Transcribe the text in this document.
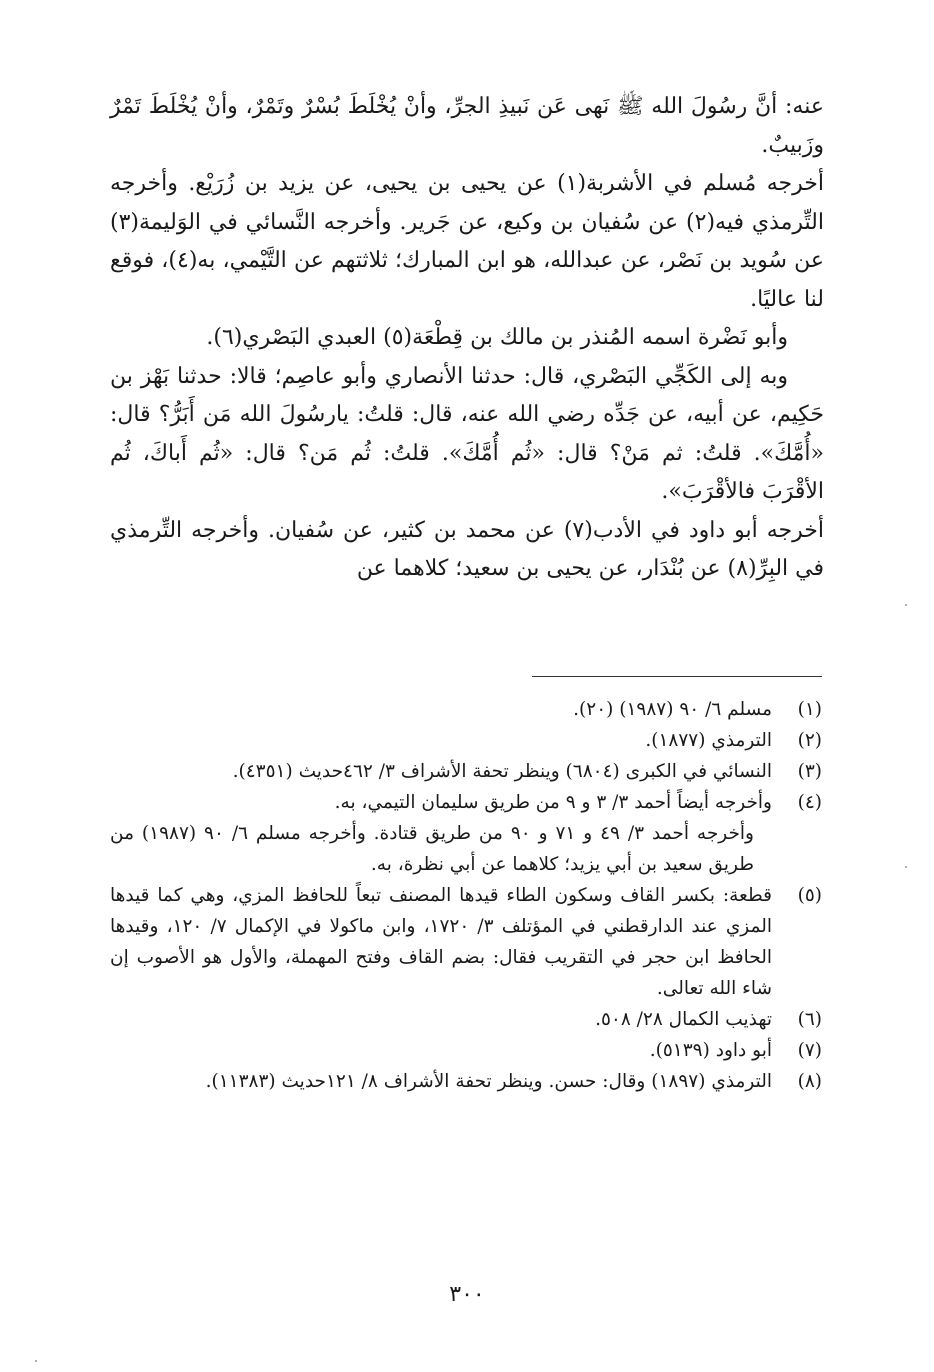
عنه: أنَّ رسُولَ الله ﷺ نَهى عَن نَبيذِ الجرِّ، وأنْ يُخْلَطَ بُسْرٌ وتَمْرٌ، وأنْ يُخْلَطَ تَمْرٌ وزَبيبٌ.

أخرجه مُسلم في الأشربة(١) عن يحيى بن يحيى، عن يزيد بن زُرَيْع. وأخرجه التِّرمذي فيه(٢) عن سُفيان بن وكيع، عن جَرير. وأخرجه النَّسائي في الوَليمة(٣) عن سُويد بن نَصْر، عن عبدالله، هو ابن المبارك؛ ثلاثتهم عن التَّيْمي، به(٤)، فوقع لنا عاليًا.

وأبو نَضْرة اسمه المُنذر بن مالك بن قِطْعَة(٥) العبدي البَصْري(٦).

وبه إلى الكَجِّي البَصْري، قال: حدثنا الأنصاري وأبو عاصِم؛ قالا: حدثنا بَهْز بن حَكِيم، عن أبيه، عن جَدِّه رضي الله عنه، قال: قلتُ: يارسُولَ الله مَن أَبَرُّ؟ قال: «أُمَّكَ». قلتُ: ثم مَنْ؟ قال: «ثُم أُمَّكَ». قلتُ: ثُم مَن؟ قال: «ثُم أَباكَ، ثُم الأقْرَبَ فالأقْرَبَ».

أخرجه أبو داود في الأدب(٧) عن محمد بن كثير، عن سُفيان. وأخرجه التِّرمذي في البِرِّ(٨) عن بُنْدَار، عن يحيى بن سعيد؛ كلاهما عن

(١)
مسلم ٦/ ٩٠ (١٩٨٧) (٢٠).
(٢)
الترمذي (١٨٧٧).
(٣)
النسائي في الكبرى (٦٨٠٤) وينظر تحفة الأشراف ٣/ ٤٦٢حديث (٤٣٥١).
(٤)
وأخرجه أيضاً أحمد ٣/ ٣ و ٩ من طريق سليمان التيمي، به.
وأخرجه أحمد ٣/ ٤٩ و ٧١ و ٩٠ من طريق قتادة. وأخرجه مسلم ٦/ ٩٠ (١٩٨٧) من طريق سعيد بن أبي يزيد؛ كلاهما عن أبي نظرة، به.
(٥)
قطعة: بكسر القاف وسكون الطاء قيدها المصنف تبعاً للحافظ المزي، وهي كما قيدها المزي عند الدارقطني في المؤتلف ٣/ ١٧٢٠، وابن ماكولا في الإكمال ٧/ ١٢٠، وقيدها الحافظ ابن حجر في التقريب فقال: بضم القاف وفتح المهملة، والأول هو الأصوب إن شاء الله تعالى.
(٦)
تهذيب الكمال ٢٨/ ٥٠٨.
(٧)
أبو داود (٥١٣٩).
(٨)
الترمذي (١٨٩٧) وقال: حسن. وينظر تحفة الأشراف ٨/ ١٢١حديث (١١٣٨٣).
٣٠٠
